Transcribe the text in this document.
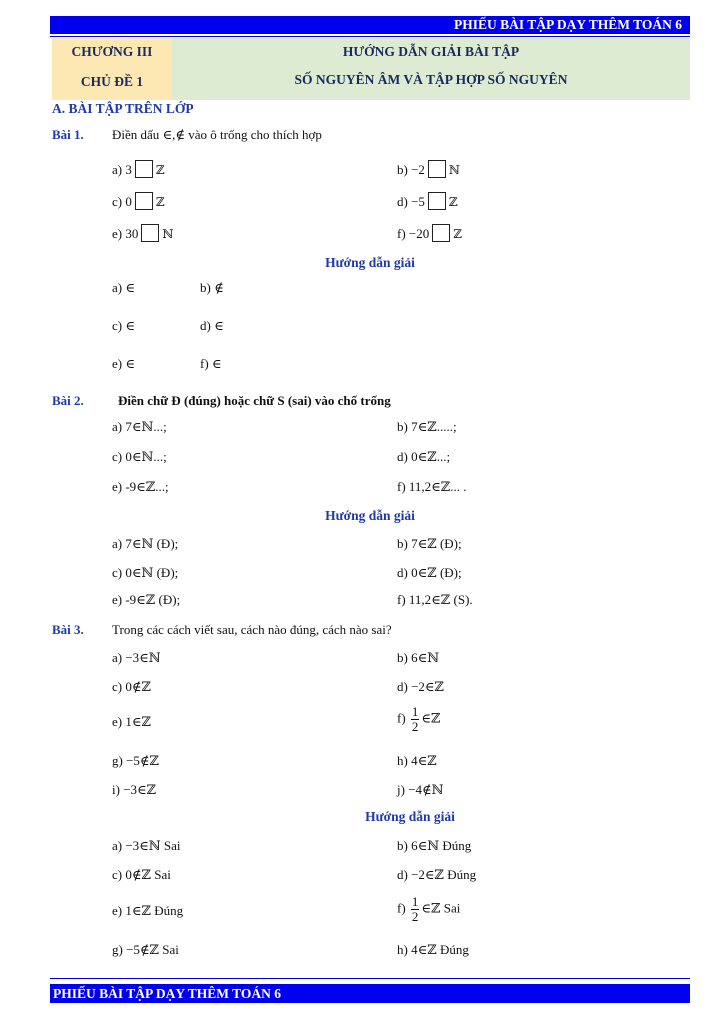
PHIẾU BÀI TẬP DẠY THÊM TOÁN 6
CHƯƠNG III
CHỦ ĐỀ 1
HƯỚNG DẪN GIẢI BÀI TẬP
SỐ NGUYÊN ÂM VÀ TẬP HỢP SỐ NGUYÊN
A. BÀI TẬP TRÊN LỚP
Bài 1. Điền dấu ∈,∉ vào ô trống cho thích hợp
a) 3 ℤ	b) −2 ℕ
c) 0 ℤ	d) −5 ℤ
e) 30 ℕ	f) −20 ℤ
Hướng dẫn giải
a) ∈	b) ∉
c) ∈	d) ∈
e) ∈	f) ∈
Bài 2.	Điền chữ Đ (đúng) hoặc chữ S (sai) vào chố trống
a) 7∈ℕ...;	b) 7∈ℤ.....;
c) 0∈ℕ...;	d) 0∈ℤ...;
e) -9∈ℤ...;	f) 11,2∈ℤ... .
Hướng dẫn giải
a) 7∈ℕ (Đ);	b) 7∈ℤ (Đ);
c) 0∈ℕ (Đ);	d) 0∈ℤ (Đ);
e) -9∈ℤ (Đ);	f) 11,2∈ℤ (S).
Bài 3. Trong các cách viết sau, cách nào đúng, cách nào sai?
a) −3∈ℕ	b) 6∈ℕ
c) 0∉ℤ	d) −2∈ℤ
e) 1∈ℤ	$f) \frac{1}{2}$ ∈ℤ
g) −5∉ℤ	h) 4∈ℤ
i) −3∈ℤ	j) −4∉ℕ
Hướng dẫn giải
a) −3∈ℕ Sai	b) 6∈ℕ Đúng
c) 0∉ℤ Sai	d) −2∈ℤ Đúng
e) 1∈ℤ Đúng	$f) \frac{1}{2}$ ∈ℤ Sai
g) −5∉ℤ Sai	h) 4∈ℤ Đúng
PHIẾU BÀI TẬP DẠY THÊM TOÁN 6
